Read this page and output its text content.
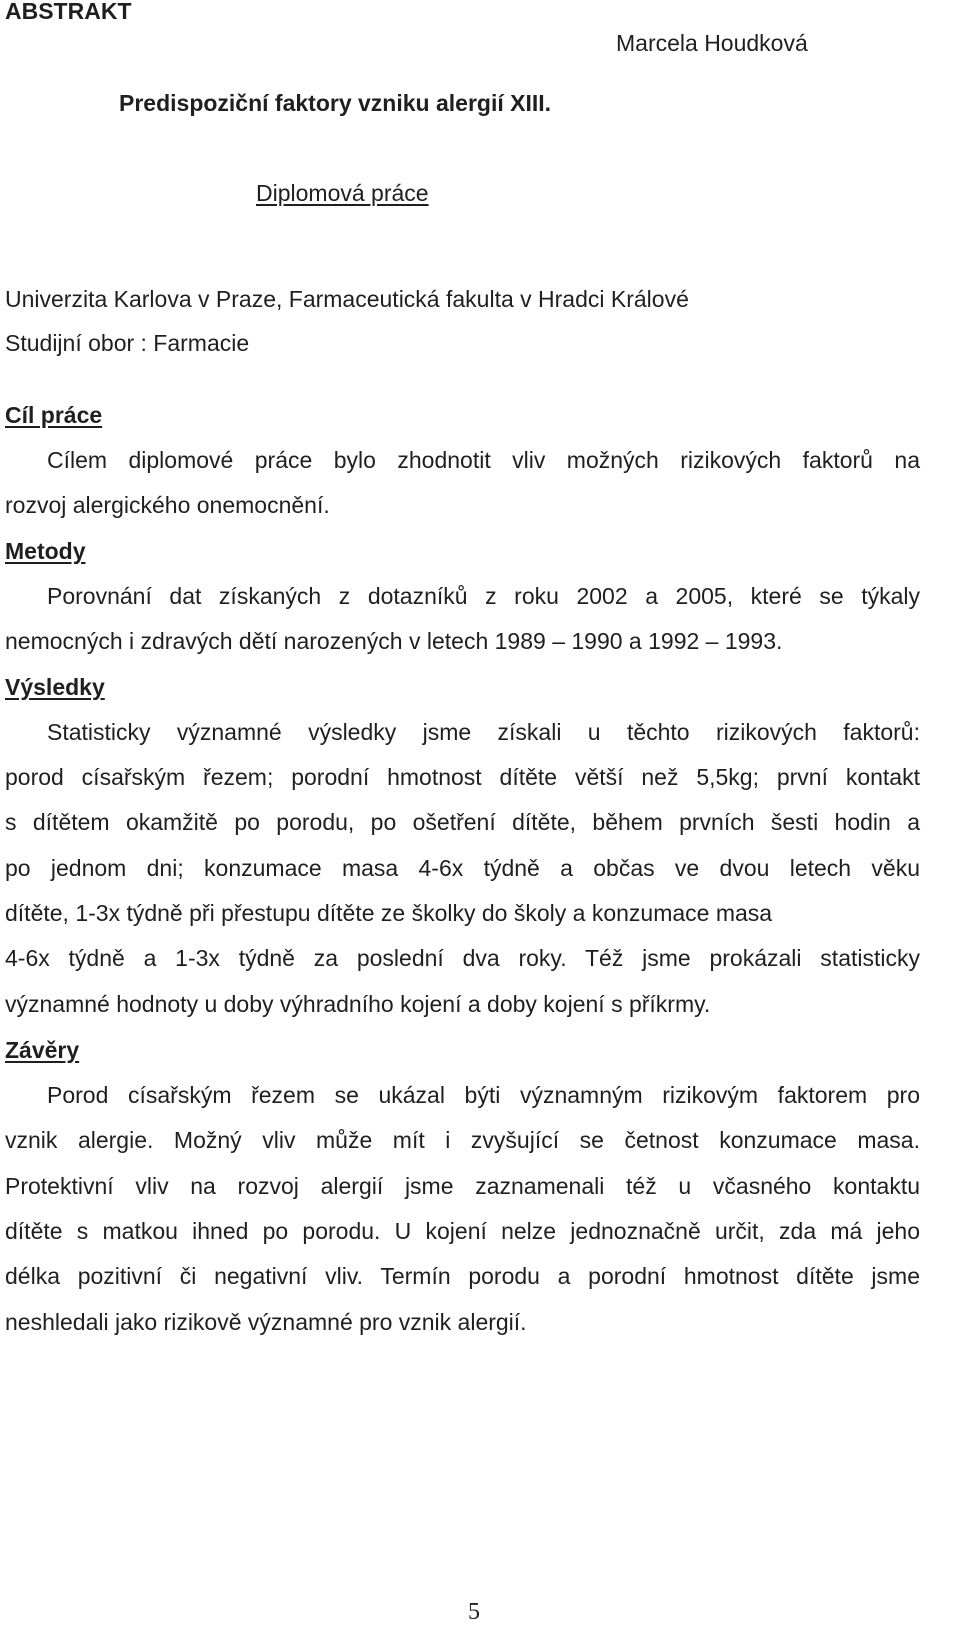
ABSTRAKT
Marcela Houdková
Predispoziční faktory vzniku alergií XIII.
Diplomová práce
Univerzita Karlova v Praze, Farmaceutická fakulta v Hradci Králové
Studijní obor : Farmacie
Cíl práce
Cílem diplomové práce bylo zhodnotit vliv možných rizikových faktorů na
rozvoj alergického onemocnění.
Metody
Porovnání dat získaných z dotazníků z roku 2002 a 2005, které se týkaly
nemocných i zdravých dětí narozených v letech 1989 – 1990 a 1992 – 1993.
Výsledky
Statisticky významné výsledky jsme získali u těchto rizikových faktorů:
porod císařským řezem; porodní hmotnost dítěte větší než 5,5kg; první kontakt
s dítětem okamžitě po porodu, po ošetření dítěte, během prvních šesti hodin a
po jednom dni; konzumace masa 4-6x týdně a občas ve dvou letech věku
dítěte, 1-3x týdně při přestupu dítěte ze školky do školy a konzumace masa
4-6x týdně a 1-3x týdně za poslední dva roky. Též jsme prokázali statisticky
významné hodnoty u doby výhradního kojení a doby kojení s příkrmy.
Závěry
Porod císařským řezem se ukázal býti významným rizikovým faktorem pro
vznik alergie. Možný vliv může mít i zvyšující se četnost konzumace masa.
Protektivní vliv na rozvoj alergií jsme zaznamenali též u včasného kontaktu
dítěte s matkou ihned po porodu. U kojení nelze jednoznačně určit, zda má jeho
délka pozitivní či negativní vliv. Termín porodu a porodní hmotnost dítěte jsme
neshledali jako rizikově významné pro vznik alergií.
5
